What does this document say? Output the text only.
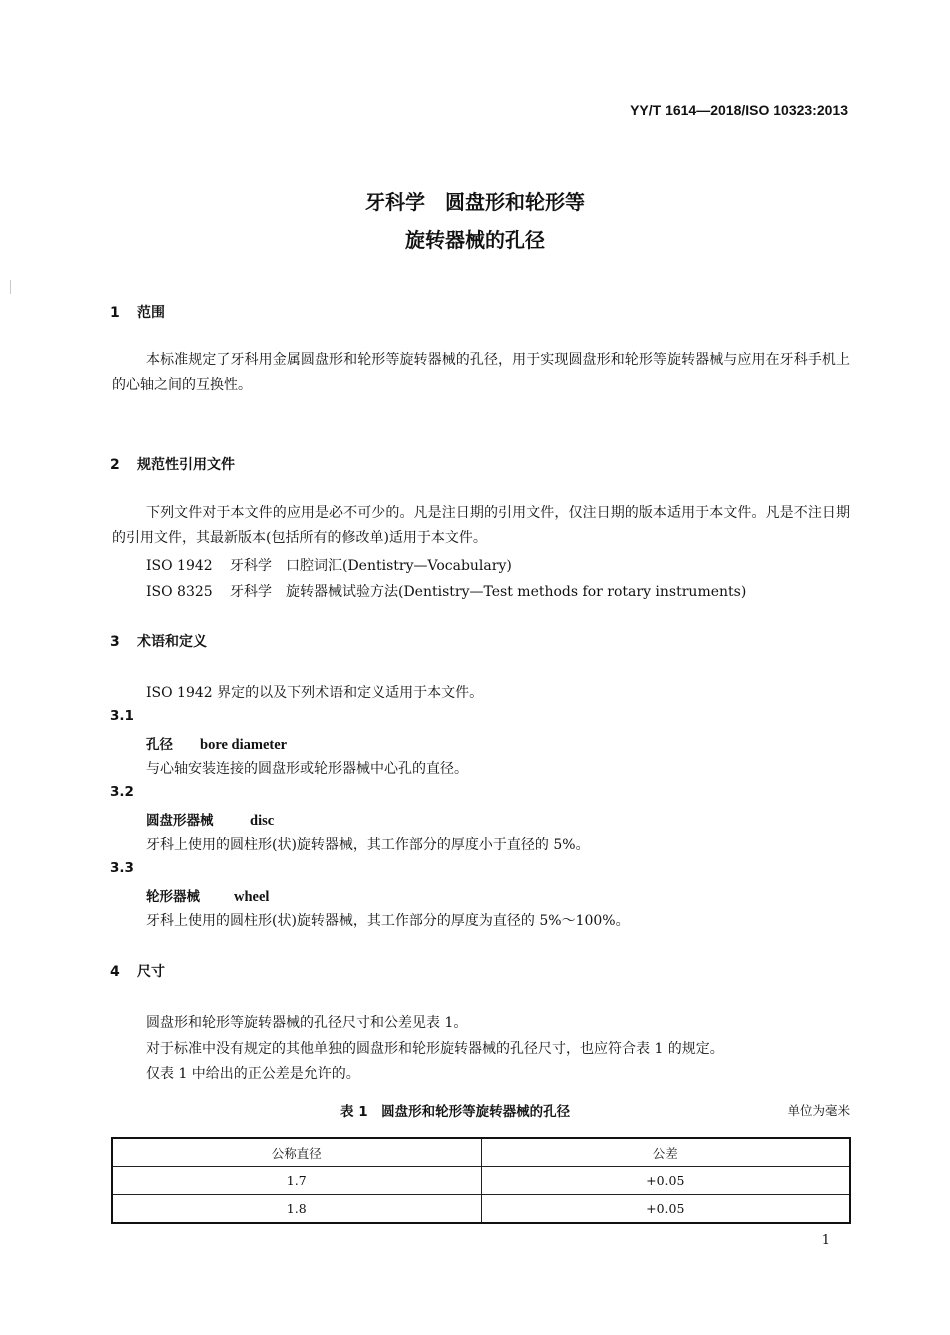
YY/T 1614—2018/ISO 10323:2013
牙科学　圆盘形和轮形等
旋转器械的孔径
1 范围
本标准规定了牙科用金属圆盘形和轮形等旋转器械的孔径，用于实现圆盘形和轮形等旋转器械与应用在牙科手机上的心轴之间的互换性。
2 规范性引用文件
下列文件对于本文件的应用是必不可少的。凡是注日期的引用文件，仅注日期的版本适用于本文件。凡是不注日期的引用文件，其最新版本(包括所有的修改单)适用于本文件。
ISO 1942 牙科学　口腔词汇(Dentistry—Vocabulary)
ISO 8325 牙科学　旋转器械试验方法(Dentistry—Test methods for rotary instruments)
3 术语和定义
ISO 1942 界定的以及下列术语和定义适用于本文件。
3.1
孔径 bore diameter
与心轴安装连接的圆盘形或轮形器械中心孔的直径。
3.2
圆盘形器械	disc
牙科上使用的圆柱形(状)旋转器械，其工作部分的厚度小于直径的 5%。
3.3
轮形器械 wheel
牙科上使用的圆柱形(状)旋转器械，其工作部分的厚度为直径的 5%～100%。
4 尺寸
圆盘形和轮形等旋转器械的孔径尺寸和公差见表 1。
对于标准中没有规定的其他单独的圆盘形和轮形旋转器械的孔径尺寸，也应符合表 1 的规定。
仅表 1 中给出的正公差是允许的。
表 1　圆盘形和轮形等旋转器械的孔径	单位为毫米
公称直径	公差
1.7	+0.05
1.8	+0.05
1
